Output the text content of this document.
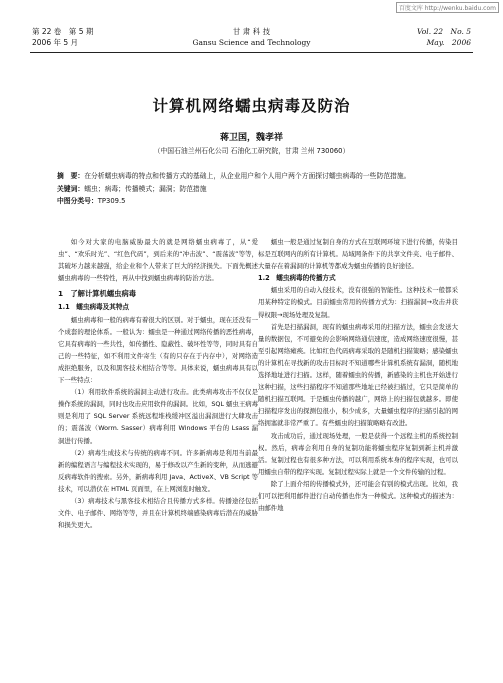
百度文库 http://wenku.baidu.com
第 22 卷　第 5 期
2006 年 5 月
甘 肃 科 技
Gansu Science and Technology
Vol. 22　No. 5
May.　2006
计算机网络蠕虫病毒及防治
蒋卫国，魏孝祥
（中国石油兰州石化公司 石油化工研究院，甘肃 兰州 730060）
摘　要：在分析蠕虫病毒的特点和传播方式的基础上，从企业用户和个人用户两个方面探讨蠕虫病毒的一些防范措施。
关键词：蠕虫；病毒；传播模式；漏洞；防范措施
中图分类号：TP309.5

如今对大家的电脑威胁最大的就是网络蠕虫病毒了，从“爱虫”、“欢乐时光”、“红色代码”，到后来的“冲击波”、“震荡波”等等，其破坏力越来越强，给企业和个人带来了巨大的经济损失。下面先概述蠕虫病毒的一些特性，再从中找到蠕虫病毒的防治方法。

1　了解计算机蠕虫病毒

1.1　蠕虫病毒及其特点

蠕虫病毒和一般的病毒有着很大的区别。对于蠕虫，现在还没有一个成套的理论体系。一般认为：蠕虫是一种通过网络传播的恶性病毒，它具有病毒的一些共性，如传播性、隐蔽性、破坏性等等，同时具有自己的一些特征，如不利用文件寄生（有的只存在于内存中），对网络造成拒绝服务，以及和黑客技术相结合等等。具体来说，蠕虫病毒具有以下一些特点：

（1）利用软件系统的漏洞主动进行攻击。此类病毒攻击不仅仅是操作系统的漏洞，同时也攻击应用软件的漏洞。比如，SQL 蠕虫王病毒则是利用了 SQL Server 系统远程堆栈缓冲区溢出漏洞进行大肆攻击的；震荡波（Worm. Sasser）病毒利用 Windows 平台的 Lsass 漏洞进行传播。

（2）病毒生成技术与传统的病毒不同。许多新病毒是利用当前最新的编程语言与编程技术实现的，易于修改以产生新的变种，从而逃避反病毒软件的搜索。另外，新病毒利用 Java、ActiveX、VB Script 等技术，可以潜伏在 HTML 页面里，在上网浏览时触发。

（3）病毒技术与黑客技术相结合且传播方式多样。传播途径包括文件、电子邮件、网络等等，并且在计算机终端感染病毒后潜在的威胁和损失更大。

蠕虫一般是通过复制自身的方式在互联网环境下进行传播，传染目标是互联网内的所有计算机。局域网条件下的共享文件夹、电子邮件、大量存在着漏洞的计算机等都成为蠕虫传播的良好途径。

1.2　蠕虫病毒的传播方式

蠕虫采用的自动入侵技术，没有很强的智能性。这种技术一般都采用某种特定的模式。目前蠕虫常用的传播方式为：扫描漏洞→攻击并获得权限→现场处理及复制。

首先是扫描漏洞，现有的蠕虫病毒采用的扫描方法，蠕虫会发送大量的数据包，不可避免的会影响网络通信速度，造成网络速度很慢，甚至引起网络瘫痪。比如红色代码病毒采取的是随机扫描策略；感染蠕虫的计算机在寻找新的攻击目标时不知道哪些计算机系统有漏洞，随机地选择地址进行扫描。这样，随着蠕虫的传播，新感染的主机也开始进行这种扫描，这些扫描程序不知道那些地址已经被扫描过，它只是简单的随机扫描互联网。于是蠕虫传播的越广，网络上的扫描包就越多。即使扫描程序发出的探测包很小，积少成多，大量蠕虫程序的扫描引起的网络拥塞就非常严重了。有些蠕虫的扫描策略略有改进。

攻击成功后，通过现场处理，一般是获得一个远程主机的系统控制权。然后，病毒会利用自身的复制功能将蠕虫程序复制到新主机并激活。复制过程也有很多种方法，可以利用系统本身的程序实现，也可以用蠕虫自带的程序实现。复制过程实际上就是一个文件传输的过程。

除了上面介绍的传播模式外，还可能会有别的模式出现。比如，我们可以把利用邮件进行自动传播也作为一种模式。这种模式的描述为：由邮件地
